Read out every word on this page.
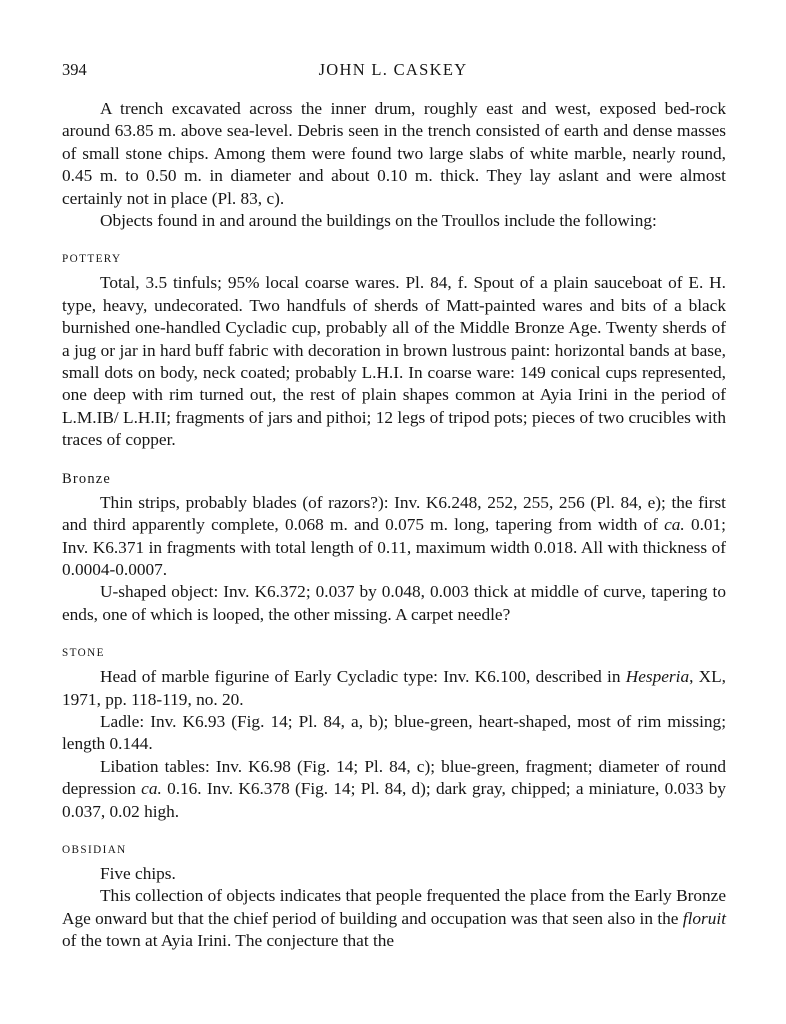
394	JOHN L. CASKEY

A trench excavated across the inner drum, roughly east and west, exposed bed-rock around 63.85 m. above sea-level. Debris seen in the trench consisted of earth and dense masses of small stone chips. Among them were found two large slabs of white marble, nearly round, 0.45 m. to 0.50 m. in diameter and about 0.10 m. thick. They lay aslant and were almost certainly not in place (Pl. 83, c).

Objects found in and around the buildings on the Troullos include the following:

POTTERY

Total, 3.5 tinfuls; 95% local coarse wares. Pl. 84, f. Spout of a plain sauceboat of E. H. type, heavy, undecorated. Two handfuls of sherds of Matt-painted wares and bits of a black burnished one-handled Cycladic cup, probably all of the Middle Bronze Age. Twenty sherds of a jug or jar in hard buff fabric with decoration in brown lustrous paint: horizontal bands at base, small dots on body, neck coated; probably L.H.I. In coarse ware: 149 conical cups represented, one deep with rim turned out, the rest of plain shapes common at Ayia Irini in the period of L.M.IB/ L.H.II; fragments of jars and pithoi; 12 legs of tripod pots; pieces of two crucibles with traces of copper.

Bronze

Thin strips, probably blades (of razors?): Inv. K6.248, 252, 255, 256 (Pl. 84, e); the first and third apparently complete, 0.068 m. and 0.075 m. long, tapering from width of ca. 0.01; Inv. K6.371 in fragments with total length of 0.11, maximum width 0.018. All with thickness of 0.0004-0.0007.

U-shaped object: Inv. K6.372; 0.037 by 0.048, 0.003 thick at middle of curve, tapering to ends, one of which is looped, the other missing. A carpet needle?

STONE

Head of marble figurine of Early Cycladic type: Inv. K6.100, described in Hesperia, XL, 1971, pp. 118-119, no. 20.

Ladle: Inv. K6.93 (Fig. 14; Pl. 84, a, b); blue-green, heart-shaped, most of rim missing; length 0.144.

Libation tables: Inv. K6.98 (Fig. 14; Pl. 84, c); blue-green, fragment; diameter of round depression ca. 0.16. Inv. K6.378 (Fig. 14; Pl. 84, d); dark gray, chipped; a miniature, 0.033 by 0.037, 0.02 high.

OBSIDIAN

Five chips.

This collection of objects indicates that people frequented the place from the Early Bronze Age onward but that the chief period of building and occupation was that seen also in the floruit of the town at Ayia Irini. The conjecture that the
